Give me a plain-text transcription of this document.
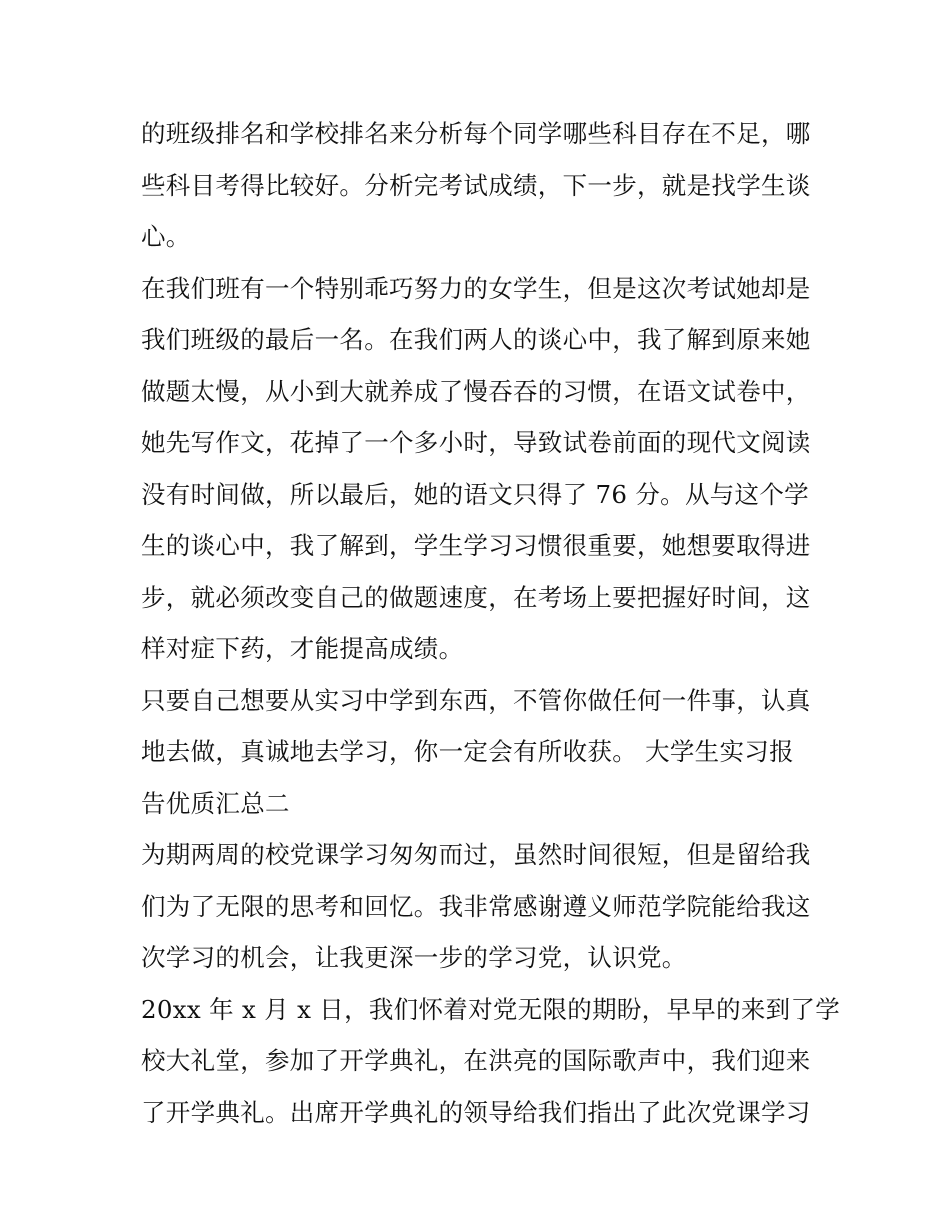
的班级排名和学校排名来分析每个同学哪些科目存在不足，哪
些科目考得比较好。分析完考试成绩，下一步，就是找学生谈
心。
在我们班有一个特别乖巧努力的女学生，但是这次考试她却是
我们班级的最后一名。在我们两人的谈心中，我了解到原来她
做题太慢，从小到大就养成了慢吞吞的习惯，在语文试卷中，
她先写作文，花掉了一个多小时，导致试卷前面的现代文阅读
没有时间做，所以最后，她的语文只得了 76 分。从与这个学
生的谈心中，我了解到，学生学习习惯很重要，她想要取得进
步，就必须改变自己的做题速度，在考场上要把握好时间，这
样对症下药，才能提高成绩。
只要自己想要从实习中学到东西，不管你做任何一件事，认真
地去做，真诚地去学习，你一定会有所收获。 大学生实习报
告优质汇总二
为期两周的校党课学习匆匆而过，虽然时间很短，但是留给我
们为了无限的思考和回忆。我非常感谢遵义师范学院能给我这
次学习的机会，让我更深一步的学习党，认识党。
20xx 年 x 月 x 日，我们怀着对党无限的期盼，早早的来到了学
校大礼堂，参加了开学典礼，在洪亮的国际歌声中，我们迎来
了开学典礼。出席开学典礼的领导给我们指出了此次党课学习
